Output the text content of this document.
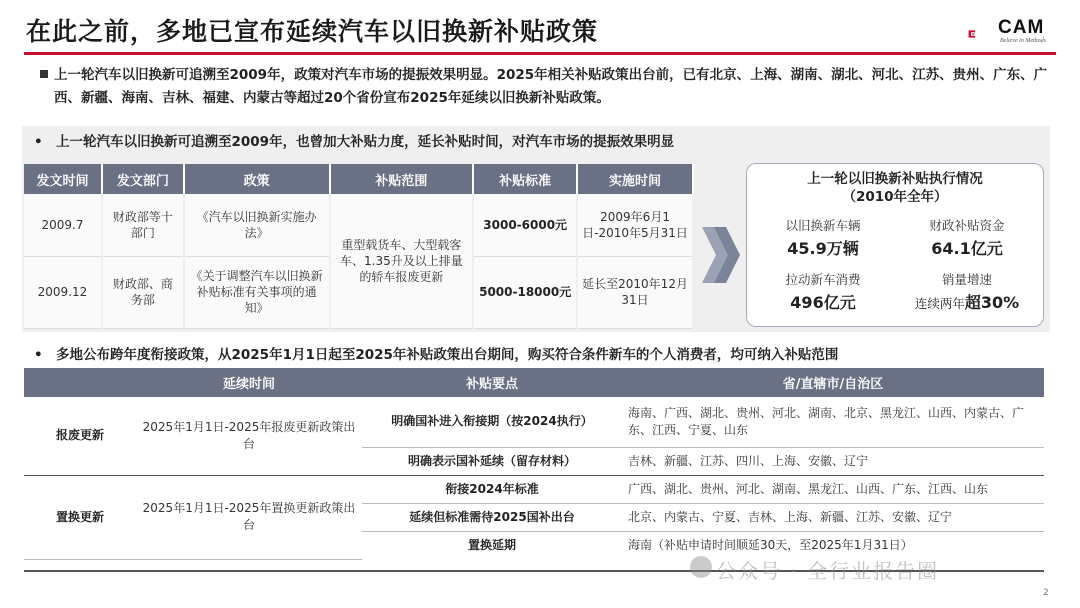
在此之前，多地已宣布延续汽车以旧换新补贴政策	CAM
Believe in Methods
上一轮汽车以旧换新可追溯至2009年，政策对汽车市场的提振效果明显。2025年相关补贴政策出台前，已有北京、上海、湖南、湖北、河北、江苏、贵州、广东、广西、新疆、海南、吉林、福建、内蒙古等超过20个省份宣布2025年延续以旧换新补贴政策。
• 上一轮汽车以旧换新可追溯至2009年，也曾加大补贴力度，延长补贴时间，对汽车市场的提振效果明显
发文时间	发文部门	政策	补贴范围	补贴标准	实施时间
2009.7	财政部等十部门	《汽车以旧换新实施办法》	重型载货车、大型载客车、1.35升及以上排量的轿车报废更新	3000-6000元	2009年6月1日-2010年5月31日
2009.12	财政部、商务部	《关于调整汽车以旧换新补贴标准有关事项的通知》		5000-18000元	延长至2010年12月31日
上一轮以旧换新补贴执行情况
（2010年全年）
以旧换新车辆
45.9万辆
财政补贴资金
64.1亿元
拉动新车消费
496亿元
销量增速
连续两年超30%
• 多地公布跨年度衔接政策，从2025年1月1日起至2025年补贴政策出台期间，购买符合条件新车的个人消费者，均可纳入补贴范围
	延续时间	补贴要点	省/直辖市/自治区
报废更新	2025年1月1日-2025年报废更新政策出台	明确国补进入衔接期（按2024执行）	海南、广西、湖北、贵州、河北、湖南、北京、黑龙江、山西、内蒙古、广东、江西、宁夏、山东
		明确表示国补延续（留存材料）	吉林、新疆、江苏、四川、上海、安徽、辽宁
置换更新	2025年1月1日-2025年置换更新政策出台	衔接2024年标准	广西、湖北、贵州、河北、湖南、黑龙江、山西、广东、江西、山东
		延续但标准需待2025国补出台	北京、内蒙古、宁夏、吉林、上海、新疆、江苏、安徽、辽宁
		置换延期	海南（补贴申请时间顺延30天，至2025年1月31日）
公众号 · 全行业报告圈
2
